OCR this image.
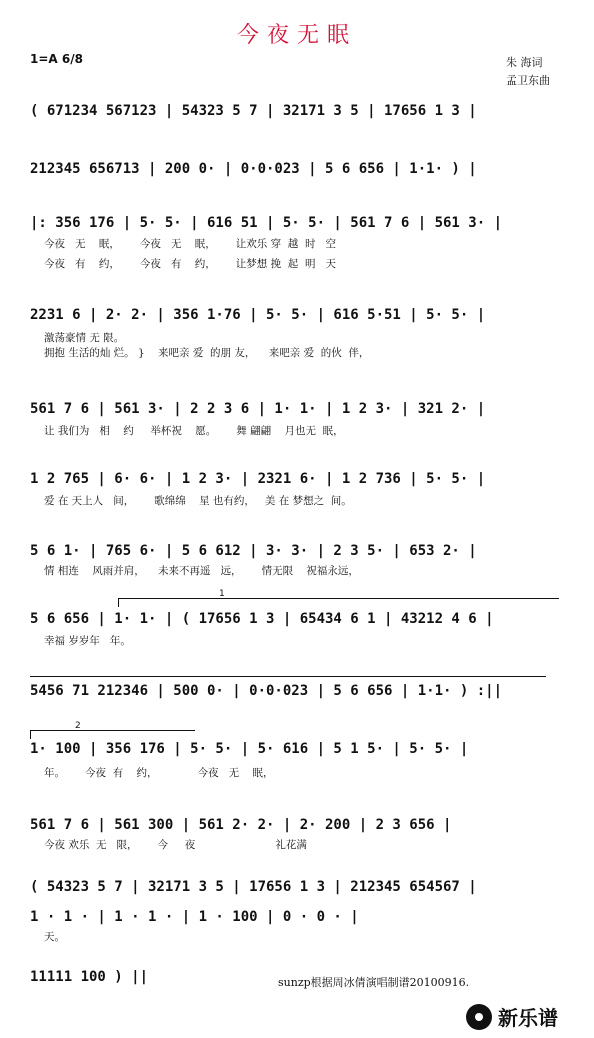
今夜无眠
1=A 6/8	朱 海词
孟卫东曲
( 671234 567123 | 54323 5 7 | 32171 3 5 | 17656 1 3 |
212345 656713 | 200 0· | 0·0·023 | 5 6 656 | 1·1· ) |
|: 356 176 | 5· 5· | 616 51 | 5· 5· | 561 7 6 | 561 3· |
今夜   无    眠，      今夜   无    眠，      让欢乐 穿  越  时   空
今夜   有    约，      今夜   有    约，      让梦想 挽  起  明   天
2231 6 | 2· 2· | 356 1·76 | 5· 5· | 616 5·51 | 5· 5· |
激荡豪情 无 限。
拥抱 生活的灿 烂。 }    来吧亲 爱  的朋 友，    来吧亲 爱  的伙  伴，
561 7 6 | 561 3· | 2 2 3 6 | 1· 1· | 1 2 3· | 321 2· |
让 我们为   相    约     举杯祝    愿。      舞 翩翩    月也无  眠，
1 2 765 | 6· 6· | 1 2 3· | 2321 6· | 1 2 736 | 5· 5· |
爱 在 天上人   间，      歌绵绵    星 也有约，   美 在 梦想之  间。
5 6 1· | 765 6· | 5 6 612 | 3· 3· | 2 3 5· | 653 2· |
情 相连    风雨并肩，    未来不再遥   远，      情无限    祝福永远，
1
5 6 656 | 1· 1· | ( 17656 1 3 | 65434 6 1 | 43212 4 6 |
幸福 岁岁年   年。
5456 71 212346 | 500 0· | 0·0·023 | 5 6 656 | 1·1· ) :||
2
1· 100 | 356 176 | 5· 5· | 5· 616 | 5 1 5· | 5· 5· |
年。      今夜  有    约，            今夜   无    眠，
561 7 6 | 561 300 | 561 2· 2· | 2· 200 | 2 3 656 |
今夜 欢乐  无   限，      今     夜                        礼花满
( 54323 5 7 | 32171 3 5 | 17656 1 3 | 212345 654567 |
1 · 1 · | 1 · 1 · | 1 · 100 | 0 · 0 · |
天。
11111 100 ) ||	sunzp根据周冰倩演唱制谱20100916.
新乐谱
